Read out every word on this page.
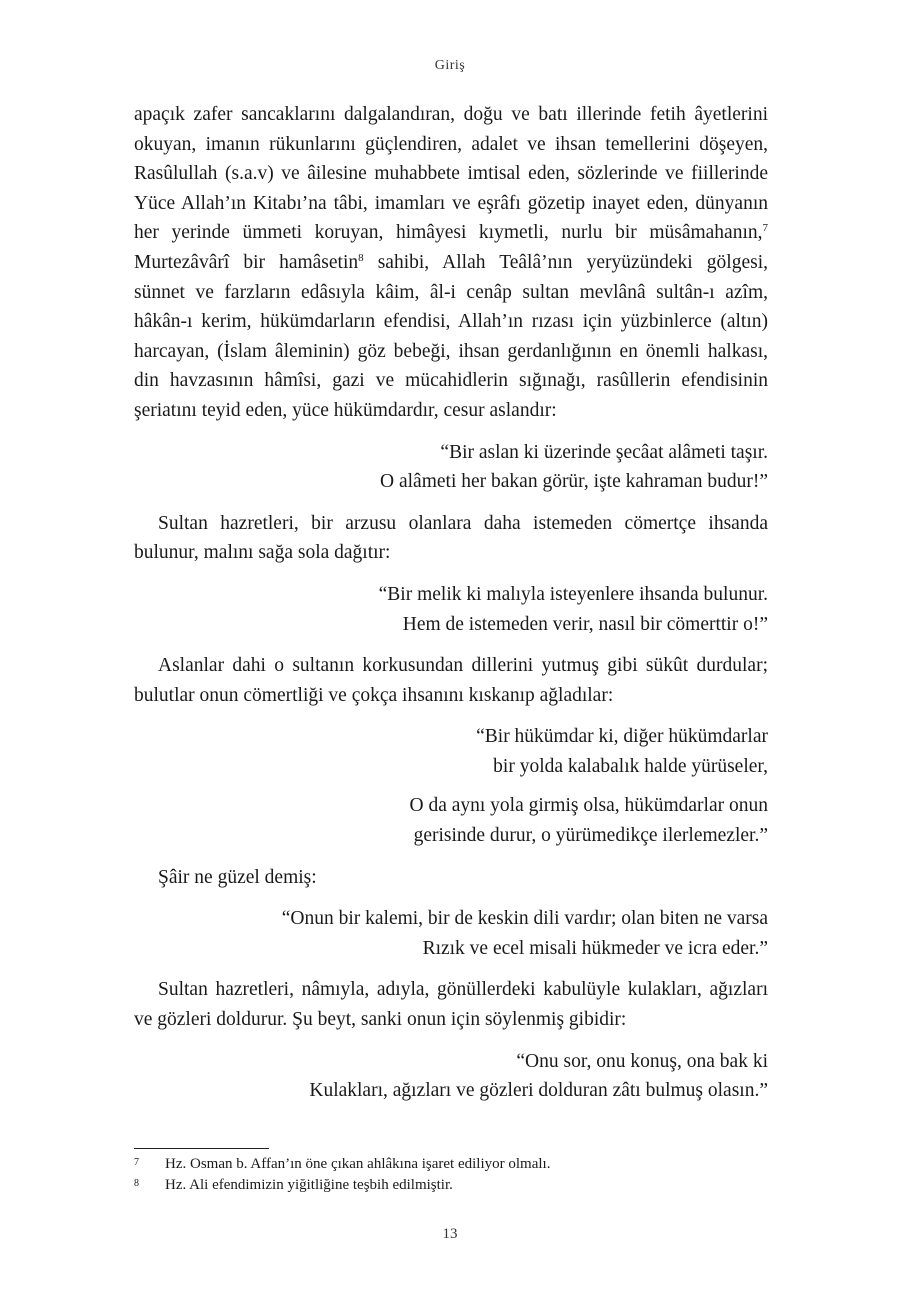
Giriş

apaçık zafer sancaklarını dalgalandıran, doğu ve batı illerinde fetih âyetlerini
okuyan, imanın rükunlarını güçlendiren, adalet ve ihsan temellerini döşeyen,
Rasûlullah (s.a.v) ve âilesine muhabbete imtisal eden, sözlerinde ve fiillerinde
Yüce Allah’ın Kitabı’na tâbi, imamları ve eşrâfı gözetip inayet eden, dünyanın
her yerinde ümmeti koruyan, himâyesi kıymetli, nurlu bir müsâmahanın,$^7$
Murtezâvârî bir hamâsetin$^8$ sahibi, Allah Teâlâ’nın yeryüzündeki gölgesi,
sünnet ve farzların edâsıyla kâim, âl-i cenâp sultan mevlânâ sultân-ı azîm,
hâkân-ı kerim, hükümdarların efendisi, Allah’ın rızası için yüzbinlerce (altın)
harcayan, (İslam âleminin) göz bebeği, ihsan gerdanlığının en önemli halkası,
din havzasının hâmîsi, gazi ve mücahidlerin sığınağı, rasûllerin efendisinin
şeriatını teyid eden, yüce hükümdardır, cesur aslandır:

“Bir aslan ki üzerinde şecâat alâmeti taşır.
O alâmeti her bakan görür, işte kahraman budur!”

Sultan hazretleri, bir arzusu olanlara daha istemeden cömertçe ihsanda
bulunur, malını sağa sola dağıtır:

“Bir melik ki malıyla isteyenlere ihsanda bulunur.
Hem de istemeden verir, nasıl bir cömerttir o!”

Aslanlar dahi o sultanın korkusundan dillerini yutmuş gibi sükût durdular;
bulutlar onun cömertliği ve çokça ihsanını kıskanıp ağladılar:

“Bir hükümdar ki, diğer hükümdarlar
bir yolda kalabalık halde yürüseler,
O da aynı yola girmiş olsa, hükümdarlar onun
gerisinde durur, o yürümedikçe ilerlemezler.”

Şâir ne güzel demiş:

“Onun bir kalemi, bir de keskin dili vardır; olan biten ne varsa
Rızık ve ecel misali hükmeder ve icra eder.”

Sultan hazretleri, nâmıyla, adıyla, gönüllerdeki kabulüyle kulakları, ağızları
ve gözleri doldurur. Şu beyt, sanki onun için söylenmiş gibidir:

“Onu sor, onu konuş, ona bak ki
Kulakları, ağızları ve gözleri dolduran zâtı bulmuş olasın.”
7 Hz. Osman b. Affan’ın öne çıkan ahlâkına işaret ediliyor olmalı.
8 Hz. Ali efendimizin yiğitliğine teşbih edilmiştir.
13
